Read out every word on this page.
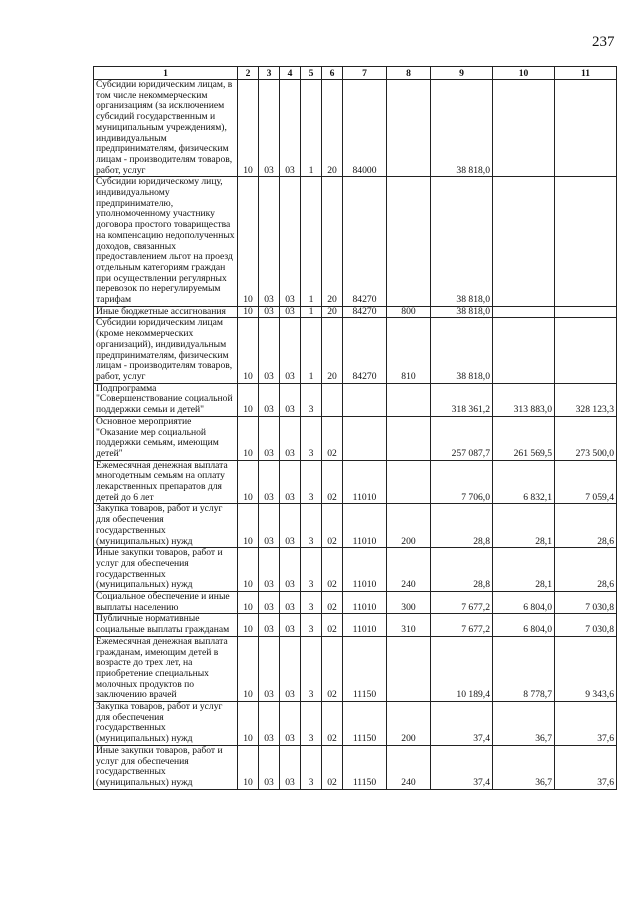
237
1	2	3	4	5	6	7	8	9	10	11
Субсидии юридическим лицам, в том числе некоммерческим организациям (за исключением субсидий государственным и муниципальным учреждениям), индивидуальным предпринимателям, физическим лицам - производителям товаров, работ, услуг	10	03	03	1	20	84000		38 818,0		
Субсидии юридическому лицу, индивидуальному предпринимателю, уполномоченному участнику договора простого товарищества на компенсацию недополученных доходов, связанных предоставлением льгот на проезд отдельным категориям граждан при осуществлении регулярных перевозок по нерегулируемым тарифам	10	03	03	1	20	84270		38 818,0		
Иные бюджетные ассигнования	10	03	03	1	20	84270	800	38 818,0		
Субсидии юридическим лицам (кроме некоммерческих организаций), индивидуальным предпринимателям, физическим лицам - производителям товаров, работ, услуг	10	03	03	1	20	84270	810	38 818,0		
Подпрограмма "Совершенствование социальной поддержки семьи и детей"	10	03	03	3				318 361,2	313 883,0	328 123,3
Основное мероприятие "Оказание мер социальной поддержки семьям, имеющим детей"	10	03	03	3	02			257 087,7	261 569,5	273 500,0
Ежемесячная денежная выплата многодетным семьям на оплату лекарственных препаратов для детей до 6 лет	10	03	03	3	02	11010		7 706,0	6 832,1	7 059,4
Закупка товаров, работ и услуг для обеспечения государственных (муниципальных) нужд	10	03	03	3	02	11010	200	28,8	28,1	28,6
Иные закупки товаров, работ и услуг для обеспечения государственных (муниципальных) нужд	10	03	03	3	02	11010	240	28,8	28,1	28,6
Социальное обеспечение и иные выплаты населению	10	03	03	3	02	11010	300	7 677,2	6 804,0	7 030,8
Публичные нормативные социальные выплаты гражданам	10	03	03	3	02	11010	310	7 677,2	6 804,0	7 030,8
Ежемесячная денежная выплата гражданам, имеющим детей в возрасте до трех лет, на приобретение специальных молочных продуктов по заключению врачей	10	03	03	3	02	11150		10 189,4	8 778,7	9 343,6
Закупка товаров, работ и услуг для обеспечения государственных (муниципальных) нужд	10	03	03	3	02	11150	200	37,4	36,7	37,6
Иные закупки товаров, работ и услуг для обеспечения государственных (муниципальных) нужд	10	03	03	3	02	11150	240	37,4	36,7	37,6
